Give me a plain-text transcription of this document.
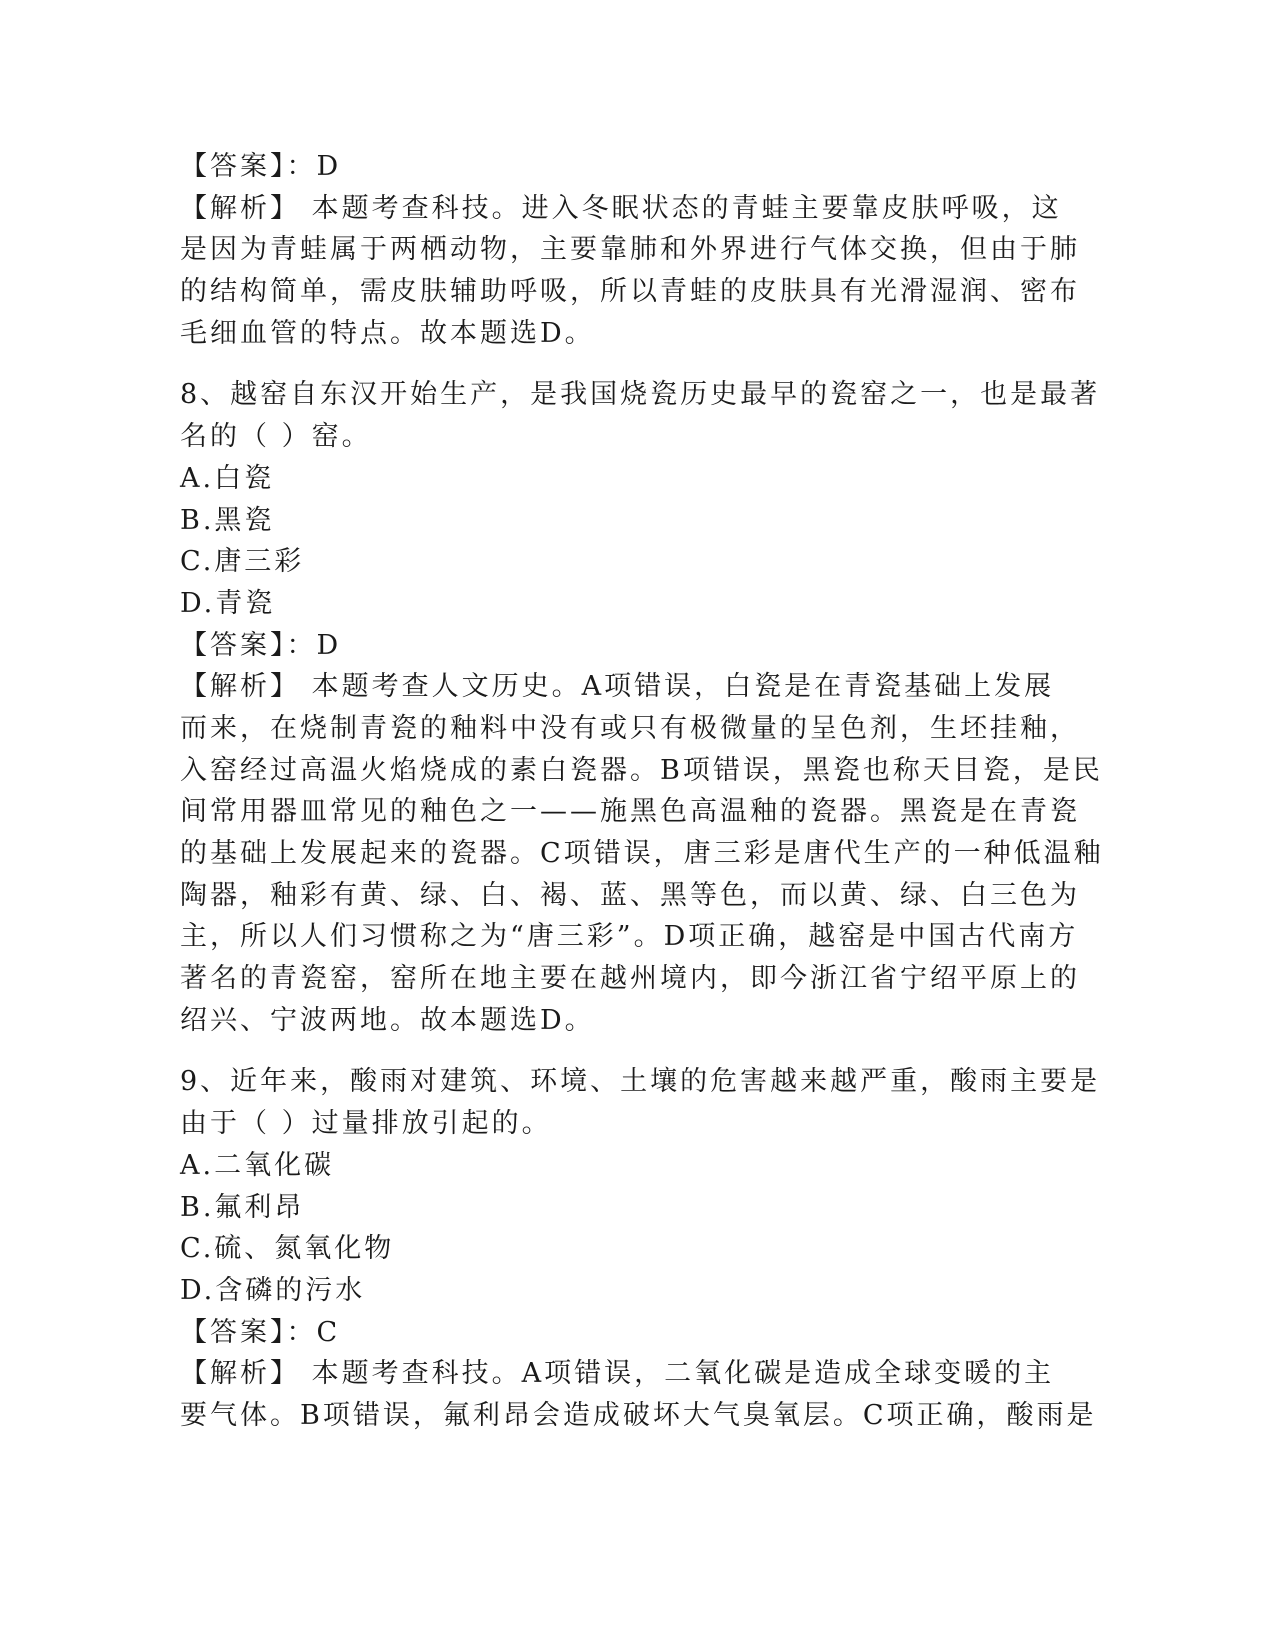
【答案】：D

【解析】 本题考查科技。进入冬眠状态的青蛙主要靠皮肤呼吸，这

是因为青蛙属于两栖动物，主要靠肺和外界进行气体交换，但由于肺

的结构简单，需皮肤辅助呼吸，所以青蛙的皮肤具有光滑湿润、密布

毛细血管的特点。故本题选D。

8、越窑自东汉开始生产，是我国烧瓷历史最早的瓷窑之一，也是最著

名的（ ）窑。

A.白瓷

B.黑瓷

C.唐三彩

D.青瓷

【答案】：D

【解析】 本题考查人文历史。A项错误，白瓷是在青瓷基础上发展

而来，在烧制青瓷的釉料中没有或只有极微量的呈色剂，生坯挂釉，

入窑经过高温火焰烧成的素白瓷器。B项错误，黑瓷也称天目瓷，是民

间常用器皿常见的釉色之一——施黑色高温釉的瓷器。黑瓷是在青瓷

的基础上发展起来的瓷器。C项错误，唐三彩是唐代生产的一种低温釉

陶器，釉彩有黄、绿、白、褐、蓝、黑等色，而以黄、绿、白三色为

主，所以人们习惯称之为“唐三彩”。D项正确，越窑是中国古代南方

著名的青瓷窑，窑所在地主要在越州境内，即今浙江省宁绍平原上的

绍兴、宁波两地。故本题选D。

9、近年来，酸雨对建筑、环境、土壤的危害越来越严重，酸雨主要是

由于（ ）过量排放引起的。

A.二氧化碳

B.氟利昂

C.硫、氮氧化物

D.含磷的污水

【答案】：C

【解析】 本题考查科技。A项错误，二氧化碳是造成全球变暖的主

要气体。B项错误，氟利昂会造成破坏大气臭氧层。C项正确，酸雨是
